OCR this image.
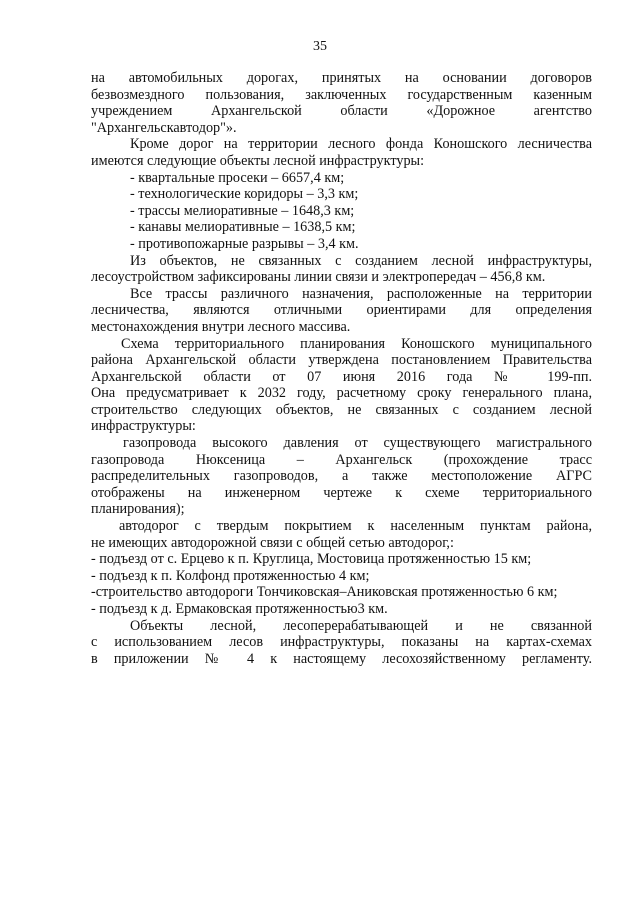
35
на автомобильных дорогах, принятых на основании договоров
безвозмездного пользования, заключенных государственным казенным
учреждением Архангельской области «Дорожное агентство
"Архангельскавтодор"».
Кроме дорог на территории лесного фонда Коношского лесничества
имеются следующие объекты лесной инфраструктуры:
- квартальные просеки – 6657,4 км;
- технологические коридоры – 3,3 км;
- трассы мелиоративные – 1648,3 км;
- канавы мелиоративные – 1638,5 км;
- противопожарные разрывы – 3,4 км.
Из объектов, не связанных с созданием лесной инфраструктуры,
лесоустройством зафиксированы линии связи и электропередач – 456,8 км.
Все трассы различного назначения, расположенные на территории
лесничества, являются отличными ориентирами для определения
местонахождения внутри лесного массива.
Схема территориального планирования Коношского муниципального
района Архангельской области утверждена постановлением Правительства
Архангельской области от 07 июня 2016 года № 199-пп.
Она предусматривает к 2032 году, расчетному сроку генерального плана,
строительство следующих объектов, не связанных с созданием лесной
инфраструктуры:
газопровода высокого давления от существующего магистрального
газопровода Нюксеница – Архангельск (прохождение трасс
распределительных газопроводов, а также местоположение АГРС
отображены на инженерном чертеже к схеме территориального
планирования);
автодорог с твердым покрытием к населенным пунктам района,
не имеющих автодорожной связи с общей сетью автодорог,:
- подъезд от с. Ерцево к п. Круглица, Мостовица протяженностью 15 км;
- подъезд к п. Колфонд протяженностью 4 км;
-строительство автодороги Тончиковская–Аниковская протяженностью 6 км;
- подъезд к д. Ермаковская протяженностью3 км.
Объекты лесной, лесоперерабатывающей и не связанной
с использованием лесов инфраструктуры, показаны на картах-схемах
в приложении № 4 к настоящему лесохозяйственному регламенту.
